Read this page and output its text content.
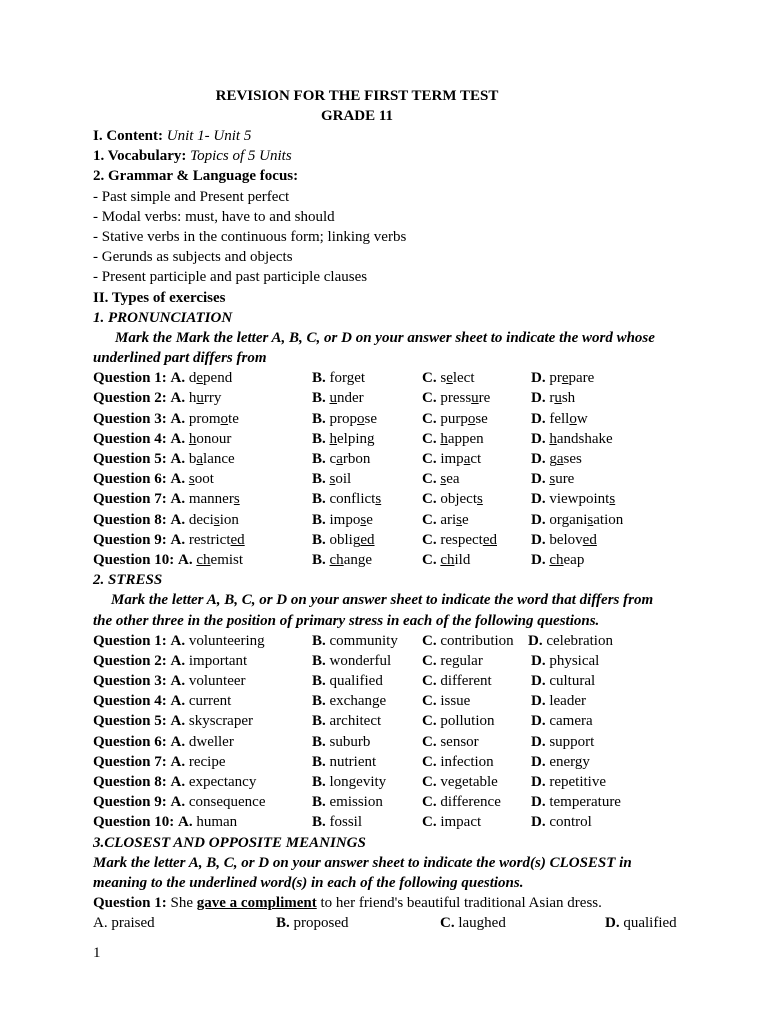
REVISION FOR THE FIRST TERM TEST
GRADE 11
I. Content: Unit 1- Unit 5
1. Vocabulary: Topics of 5 Units
2. Grammar & Language focus:
- Past simple and Present perfect
- Modal verbs: must, have to and should
- Stative verbs in the continuous form; linking verbs
- Gerunds as subjects and objects
- Present participle and past participle clauses
II. Types of exercises
1. PRONUNCIATION
Mark the Mark the letter A, B, C, or D on your answer sheet to indicate the word whose
underlined part differs from
Question 1: A. depend	B. forget	C. select	D. prepare
Question 2: A. hurry	B. under	C. pressure	D. rush
Question 3: A. promote	B. propose	C. purpose	D. fellow
Question 4: A. honour	B. helping	C. happen	D. handshake
Question 5: A. balance	B. carbon	C. impact	D. gases
Question 6: A. soot	B. soil	C. sea	D. sure
Question 7: A. manners	B. conflicts	C. objects	D. viewpoints
Question 8: A. decision	B. impose	C. arise	D. organisation
Question 9: A. restricted	B. obliged	C. respected D. beloved
Question 10: A. chemist	B. change	C. child	D. cheap
2. STRESS
Mark the letter A, B, C, or D on your answer sheet to indicate the word that differs from
the other three in the position of primary stress in each of the following questions.
Question 1: A. volunteering	B. community C. contribution D. celebration
Question 2: A. important	B. wonderful C. regular	D. physical
Question 3: A. volunteer	B. qualified	C. different	D. cultural
Question 4: A. current	B. exchange C. issue	D. leader
Question 5: A. skyscraper	B. architect	C. pollution D. camera
Question 6: A. dweller	B. suburb	C. sensor	D. support
Question 7: A. recipe	B. nutrient	C. infection D. energy
Question 8: A. expectancy	B. longevity C. vegetable D. repetitive
Question 9: A. consequence	B. emission	C. difference D. temperature
Question 10: A. human	B. fossil	C. impact	D. control
3.CLOSEST AND OPPOSITE MEANINGS
Mark the letter A, B, C, or D on your answer sheet to indicate the word(s) CLOSEST in
meaning to the underlined word(s) in each of the following questions.
Question 1: She gave a compliment to her friend's beautiful traditional Asian dress.
A. praised	B. proposed	C. laughed	D. qualified
1
